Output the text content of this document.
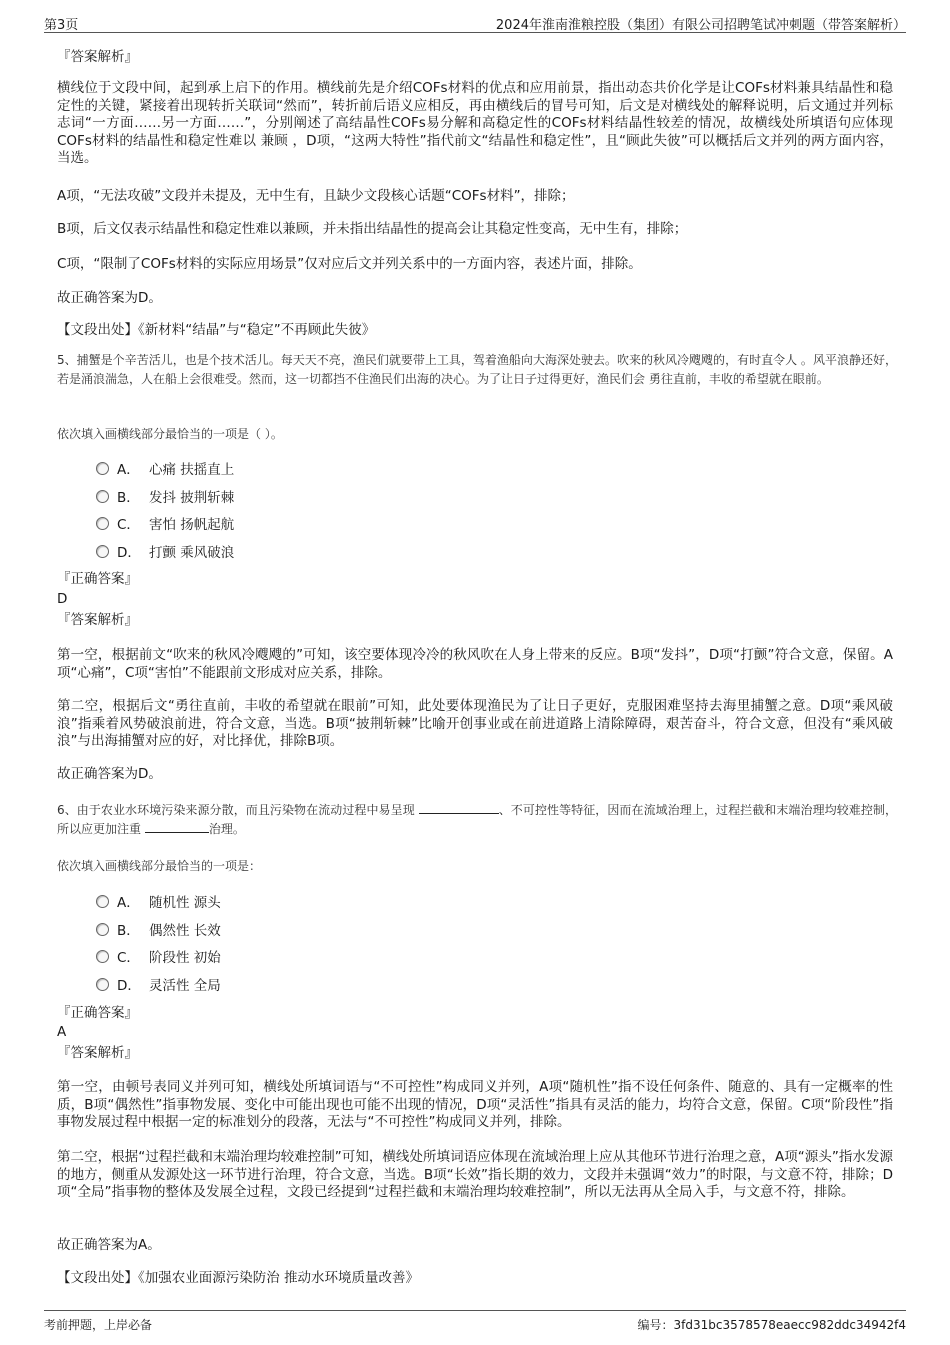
第3页	2024年淮南淮粮控股（集团）有限公司招聘笔试冲刺题（带答案解析）
『答案解析』
横线位于文段中间，起到承上启下的作用。横线前先是介绍COFs材料的优点和应用前景，指出动态共价化学是让COFs材料兼具结晶性和稳定性的关键，紧接着出现转折关联词“然而”，转折前后语义应相反，再由横线后的冒号可知，后文是对横线处的解释说明，后文通过并列标志词“一方面……另一方面……”，分别阐述了高结晶性COFs易分解和高稳定性的COFs材料结晶性较差的情况，故横线处所填语句应体现COFs材料的结晶性和稳定性难以 兼顾 ，D项，“这两大特性”指代前文“结晶性和稳定性”，且“顾此失彼”可以概括后文并列的两方面内容，当选。
A项，“无法攻破”文段并未提及，无中生有，且缺少文段核心话题“COFs材料”，排除；
B项，后文仅表示结晶性和稳定性难以兼顾，并未指出结晶性的提高会让其稳定性变高，无中生有，排除；
C项，“限制了COFs材料的实际应用场景”仅对应后文并列关系中的一方面内容，表述片面，排除。
故正确答案为D。
【文段出处】《新材料“结晶”与“稳定”不再顾此失彼》
5、捕蟹是个辛苦活儿，也是个技术活儿。每天天不亮，渔民们就要带上工具，驾着渔船向大海深处驶去。吹来的秋风冷飕飕的，有时直令人 。风平浪静还好，若是涌浪湍急，人在船上会很难受。然而，这一切都挡不住渔民们出海的决心。为了让日子过得更好，渔民们会 勇往直前，丰收的希望就在眼前。
依次填入画横线部分最恰当的一项是（ ）。
A． 心痛 扶摇直上
B． 发抖 披荆斩棘
C． 害怕 扬帆起航
D． 打颤 乘风破浪
『正确答案』
D
『答案解析』
第一空，根据前文“吹来的秋风冷飕飕的”可知，该空要体现冷冷的秋风吹在人身上带来的反应。B项“发抖”，D项“打颤”符合文意，保留。A项“心痛”，C项“害怕”不能跟前文形成对应关系，排除。
第二空，根据后文“勇往直前，丰收的希望就在眼前”可知，此处要体现渔民为了让日子更好，克服困难坚持去海里捕蟹之意。D项“乘风破浪”指乘着风势破浪前进，符合文意，当选。B项“披荆斩棘”比喻开创事业或在前进道路上清除障碍，艰苦奋斗，符合文意，但没有“乘风破浪”与出海捕蟹对应的好，对比择优，排除B项。
故正确答案为D。
6、由于农业水环境污染来源分散，而且污染物在流动过程中易呈现	、不可控性等特征，因而在流域治理上，过程拦截和末端治理均较难控制，所以应更加注重	治理。
依次填入画横线部分最恰当的一项是：
A． 随机性 源头
B． 偶然性 长效
C． 阶段性 初始
D． 灵活性 全局
『正确答案』
A
『答案解析』
第一空，由顿号表同义并列可知，横线处所填词语与“不可控性”构成同义并列，A项“随机性”指不设任何条件、随意的、具有一定概率的性质，B项“偶然性”指事物发展、变化中可能出现也可能不出现的情况，D项“灵活性”指具有灵活的能力，均符合文意，保留。C项“阶段性”指事物发展过程中根据一定的标准划分的段落，无法与“不可控性”构成同义并列，排除。
第二空，根据“过程拦截和末端治理均较难控制”可知，横线处所填词语应体现在流域治理上应从其他环节进行治理之意，A项“源头”指水发源的地方，侧重从发源处这一环节进行治理，符合文意，当选。B项“长效”指长期的效力，文段并未强调“效力”的时限，与文意不符，排除；D项“全局”指事物的整体及发展全过程，文段已经提到“过程拦截和末端治理均较难控制”，所以无法再从全局入手，与文意不符，排除。
故正确答案为A。
【文段出处】《加强农业面源污染防治 推动水环境质量改善》
考前押题，上岸必备	编号：3fd31bc3578578eaecc982ddc34942f4
